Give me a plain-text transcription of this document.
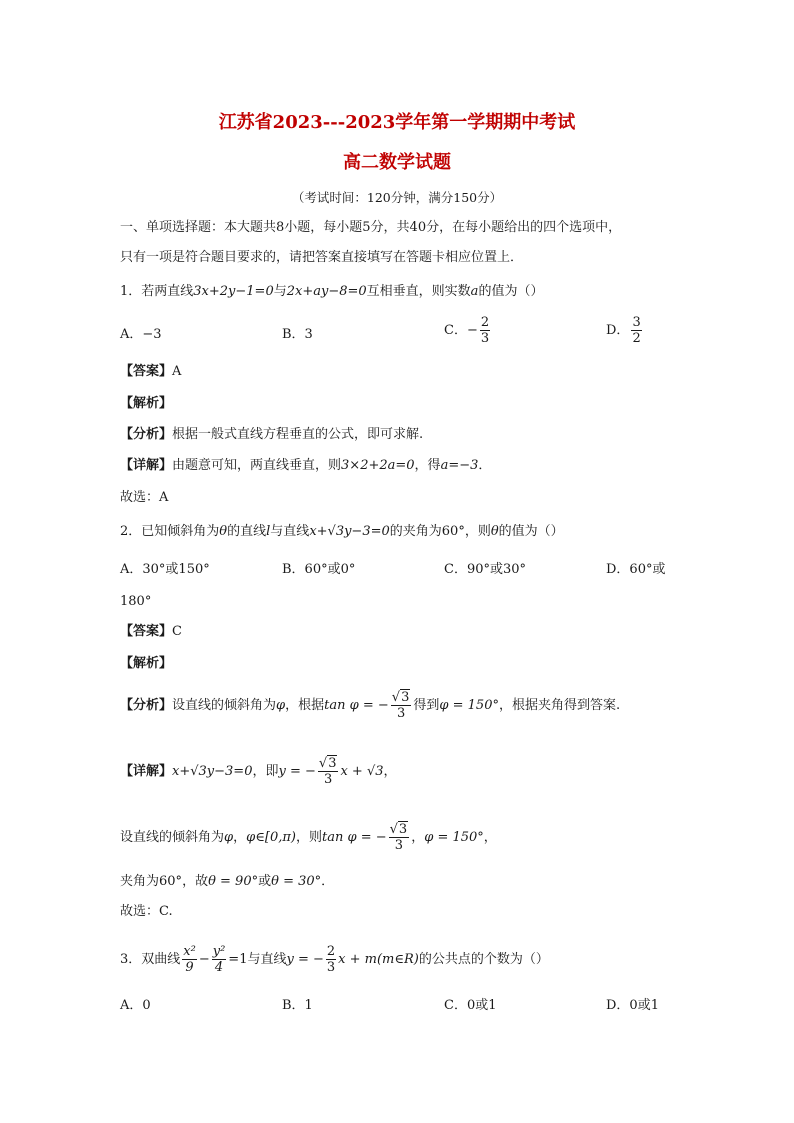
江苏省2023---2023学年第一学期期中考试
高二数学试题
（考试时间：120分钟，满分150分）
一、单项选择题：本大题共8小题，每小题5分，共40分，在每小题给出的四个选项中，
只有一项是符合题目要求的，请把答案直接填写在答题卡相应位置上．
1．若两直线3x+2y−1=0与2x+ay−8=0互相垂直，则实数a的值为（）
A．−3	B．3	C．− $\frac{2}{3}$	D． $\frac{3}{2}$
【答案】A
【解析】
【分析】根据一般式直线方程垂直的公式，即可求解.
【详解】由题意可知，两直线垂直，则3×2+2a=0，得a=−3．
故选：A
2．已知倾斜角为θ的直线l与直线x+√3y−3=0的夹角为60°，则θ的值为（）
A．30°或150°	B．60°或0°	C．90°或30°	D．60°或
180°
【答案】C
【解析】
【分析】设直线的倾斜角为φ，根据tan φ = − $\frac{√3}{3}$ 得到φ = 150°，根据夹角得到答案.
【详解】x+√3y−3=0，即y = − $\frac{√3}{3}$ x + √3，
设直线的倾斜角为φ，φ∈[0,π)，则tan φ = − $\frac{√3}{3}$ ，φ = 150°，
夹角为60°，故θ = 90°或θ = 30°．
故选：C.
3．双曲线 $\frac{\text{x²}}{9} - \frac{\text{y²}}{4} =1$与直线y = − $\frac{2}{3}$ x + m(m∈R)的公共点的个数为（）
A．0	B．1	C．0或1	D．0或1
